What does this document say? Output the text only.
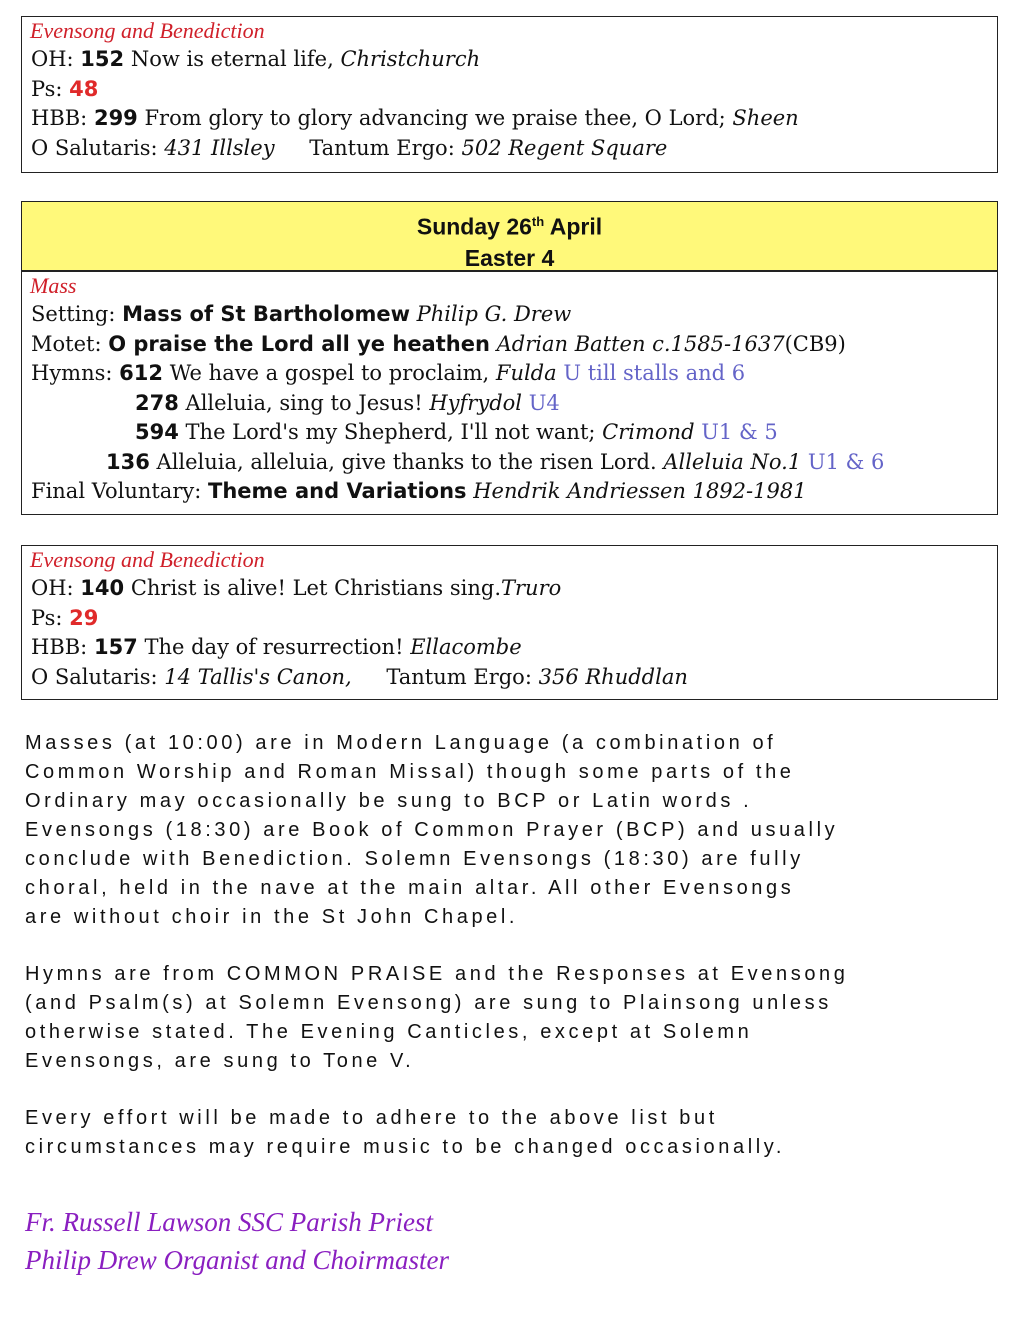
Evensong and Benediction
OH: 152 Now is eternal life, Christchurch
Ps: 48
HBB: 299 From glory to glory advancing we praise thee, O Lord; Sheen
O Salutaris: 431 Illsley Tantum Ergo: 502 Regent Square
Sunday 26th April
Easter 4
Mass
Setting: Mass of St Bartholomew Philip G. Drew
Motet: O praise the Lord all ye heathen Adrian Batten c.1585-1637(CB9)
Hymns: 612 We have a gospel to proclaim, Fulda U till stalls and 6
278 Alleluia, sing to Jesus! Hyfrydol U4
594 The Lord's my Shepherd, I'll not want; Crimond U1 & 5
136 Alleluia, alleluia, give thanks to the risen Lord. Alleluia No.1 U1 & 6
Final Voluntary: Theme and Variations Hendrik Andriessen 1892-1981
Evensong and Benediction
OH: 140 Christ is alive! Let Christians sing.Truro
Ps: 29
HBB: 157 The day of resurrection! Ellacombe
O Salutaris: 14 Tallis's Canon, Tantum Ergo: 356 Rhuddlan
Masses (at 10:00) are in Modern Language (a combination of
Common Worship and Roman Missal) though some parts of the
Ordinary may occasionally be sung to BCP or Latin words .
Evensongs (18:30) are Book of Common Prayer (BCP) and usually
conclude with Benediction. Solemn Evensongs (18:30) are fully
choral, held in the nave at the main altar. All other Evensongs
are without choir in the St John Chapel.
Hymns are from COMMON PRAISE and the Responses at Evensong
(and Psalm(s) at Solemn Evensong) are sung to Plainsong unless
otherwise stated. The Evening Canticles, except at Solemn
Evensongs, are sung to Tone V.
Every effort will be made to adhere to the above list but
circumstances may require music to be changed occasionally.
Fr. Russell Lawson SSC Parish Priest
Philip Drew Organist and Choirmaster
